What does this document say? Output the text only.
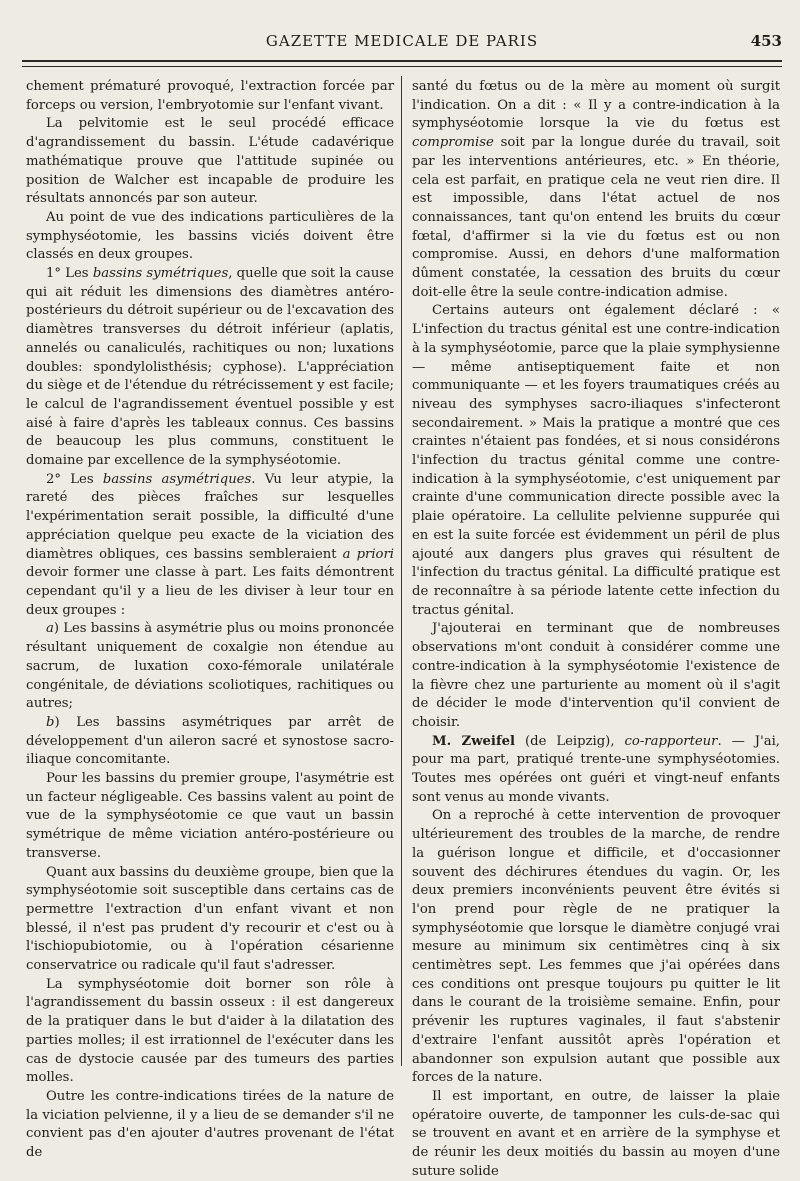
GAZETTE MEDICALE DE PARIS	453

chement prématuré provoqué, l'extraction forcée par forceps ou version, l'embryotomie sur l'enfant vivant.

La pelvitomie est le seul procédé efficace d'agrandissement du bassin. L'étude cadavérique mathématique prouve que l'attitude supinée ou position de Walcher est incapable de produire les résultats annoncés par son auteur.

Au point de vue des indications particulières de la symphyséotomie, les bassins viciés doivent être classés en deux groupes.

1° Les bassins symétriques, quelle que soit la cause qui ait réduit les dimensions des diamètres antéro-postérieurs du détroit supérieur ou de l'excavation des diamètres transverses du détroit inférieur (aplatis, annelés ou canaliculés, rachitiques ou non; luxations doubles: spondylolisthésis; cyphose). L'appréciation du siège et de l'étendue du rétrécissement y est facile; le calcul de l'agrandissement éventuel possible y est aisé à faire d'après les tableaux connus. Ces bassins de beaucoup les plus communs, constituent le domaine par excellence de la symphyséotomie.

2° Les bassins asymétriques. Vu leur atypie, la rareté des pièces fraîches sur lesquelles l'expérimentation serait possible, la difficulté d'une appréciation quelque peu exacte de la viciation des diamètres obliques, ces bassins sembleraient a priori devoir former une classe à part. Les faits démontrent cependant qu'il y a lieu de les diviser à leur tour en deux groupes :

a) Les bassins à asymétrie plus ou moins prononcée résultant uniquement de coxalgie non étendue au sacrum, de luxation coxo-fémorale unilatérale congénitale, de déviations scoliotiques, rachitiques ou autres;

b) Les bassins asymétriques par arrêt de développement d'un aileron sacré et synostose sacro-iliaque concomitante.

Pour les bassins du premier groupe, l'asymétrie est un facteur négligeable. Ces bassins valent au point de vue de la symphyséotomie ce que vaut un bassin symétrique de même viciation antéro-postérieure ou transverse.

Quant aux bassins du deuxième groupe, bien que la symphyséotomie soit susceptible dans certains cas de permettre l'extraction d'un enfant vivant et non blessé, il n'est pas prudent d'y recourir et c'est ou à l'ischiopubiotomie, ou à l'opération césarienne conservatrice ou radicale qu'il faut s'adresser.

La symphyséotomie doit borner son rôle à l'agrandissement du bassin osseux : il est dangereux de la pratiquer dans le but d'aider à la dilatation des parties molles; il est irrationnel de l'exécuter dans les cas de dystocie causée par des tumeurs des parties molles.

Outre les contre-indications tirées de la nature de la viciation pelvienne, il y a lieu de se demander s'il ne convient pas d'en ajouter d'autres provenant de l'état de

santé du fœtus ou de la mère au moment où surgit l'indication. On a dit : « Il y a contre-indication à la symphyséotomie lorsque la vie du fœtus est compromise soit par la longue durée du travail, soit par les interventions antérieures, etc. » En théorie, cela est parfait, en pratique cela ne veut rien dire. Il est impossible, dans l'état actuel de nos connaissances, tant qu'on entend les bruits du cœur fœtal, d'affirmer si la vie du fœtus est ou non compromise. Aussi, en dehors d'une malformation dûment constatée, la cessation des bruits du cœur doit-elle être la seule contre-indication admise.

Certains auteurs ont également déclaré : « L'infection du tractus génital est une contre-indication à la symphyséotomie, parce que la plaie symphysienne — même antiseptiquement faite et non communiquante — et les foyers traumatiques créés au niveau des symphyses sacro-iliaques s'infecteront secondairement. » Mais la pratique a montré que ces craintes n'étaient pas fondées, et si nous considérons l'infection du tractus génital comme une contre-indication à la symphyséotomie, c'est uniquement par crainte d'une communication directe possible avec la plaie opératoire. La cellulite pelvienne suppurée qui en est la suite forcée est évidemment un péril de plus ajouté aux dangers plus graves qui résultent de l'infection du tractus génital. La difficulté pratique est de reconnaître à sa période latente cette infection du tractus génital.

J'ajouterai en terminant que de nombreuses observations m'ont conduit à considérer comme une contre-indication à la symphyséotomie l'existence de la fièvre chez une parturiente au moment où il s'agit de décider le mode d'intervention qu'il convient de choisir.

M. Zweifel (de Leipzig), co-rapporteur. — J'ai, pour ma part, pratiqué trente-une symphyséotomies. Toutes mes opérées ont guéri et vingt-neuf enfants sont venus au monde vivants.

On a reproché à cette intervention de provoquer ultérieurement des troubles de la marche, de rendre la guérison longue et difficile, et d'occasionner souvent des déchirures étendues du vagin. Or, les deux premiers inconvénients peuvent être évités si l'on prend pour règle de ne pratiquer la symphyséotomie que lorsque le diamètre conjugé vrai mesure au minimum six centimètres cinq à six centimètres sept. Les femmes que j'ai opérées dans ces conditions ont presque toujours pu quitter le lit dans le courant de la troisième semaine. Enfin, pour prévenir les ruptures vaginales, il faut s'abstenir d'extraire l'enfant aussitôt après l'opération et abandonner son expulsion autant que possible aux forces de la nature.

Il est important, en outre, de laisser la plaie opératoire ouverte, de tamponner les culs-de-sac qui se trouvent en avant et en arrière de la symphyse et de réunir les deux moitiés du bassin au moyen d'une suture solide
